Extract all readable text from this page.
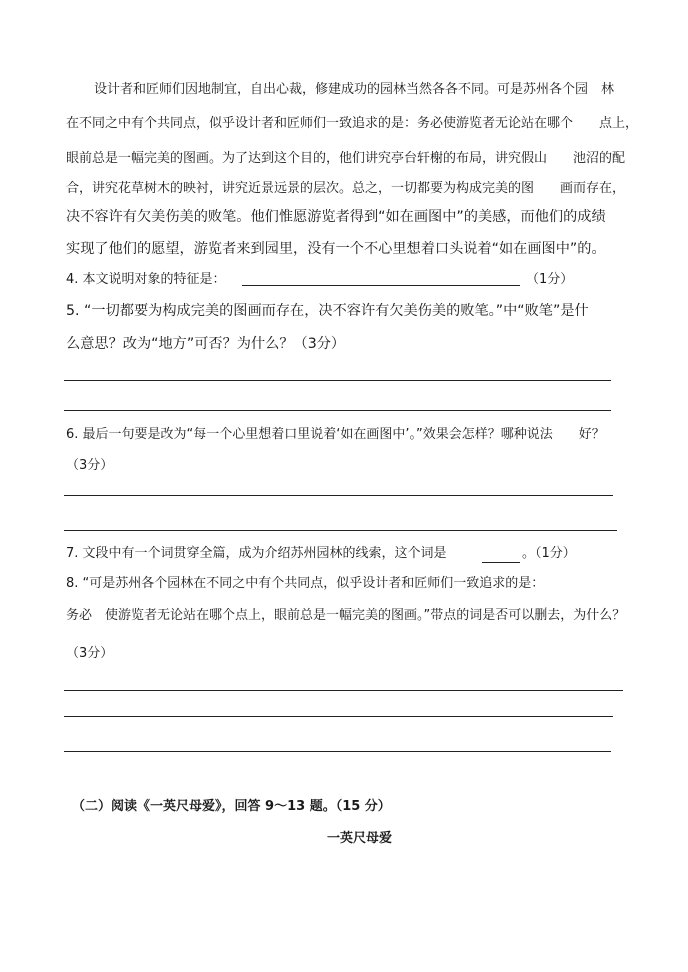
设计者和匠师们因地制宜，自出心裁，修建成功的园林当然各各不同。可是苏州各个园　林
在不同之中有个共同点，似乎设计者和匠师们一致追求的是：务必使游览者无论站在哪个　　点上，
眼前总是一幅完美的图画。为了达到这个目的，他们讲究亭台轩榭的布局，讲究假山　　池沼的配
合，讲究花草树木的映衬，讲究近景远景的层次。总之，一切都要为构成完美的图　　画而存在，
决不容许有欠美伤美的败笔。他们惟愿游览者得到“如在画图中”的美感，而他们的成绩
实现了他们的愿望，游览者来到园里，没有一个不心里想着口头说着“如在画图中”的。
4. 本文说明对象的特征是：	（1分）
5. “一切都要为构成完美的图画而存在，决不容许有欠美伤美的败笔。”中“败笔”是什
么意思？改为“地方”可否？为什么？（3分）
6. 最后一句要是改为“每一个心里想着口里说着‘如在画图中’。”效果会怎样？哪种说法　　好？
（3分）
7. 文段中有一个词贯穿全篇，成为介绍苏州园林的线索，这个词是	。（1分）
8. “可是苏州各个园林在不同之中有个共同点，似乎设计者和匠师们一致追求的是：
务必　使游览者无论站在哪个点上，眼前总是一幅完美的图画。”带点的词是否可以删去，为什么？
（3分）
（二）阅读《一英尺母爱》，回答 9～13 题。（15 分）
一英尺母爱
